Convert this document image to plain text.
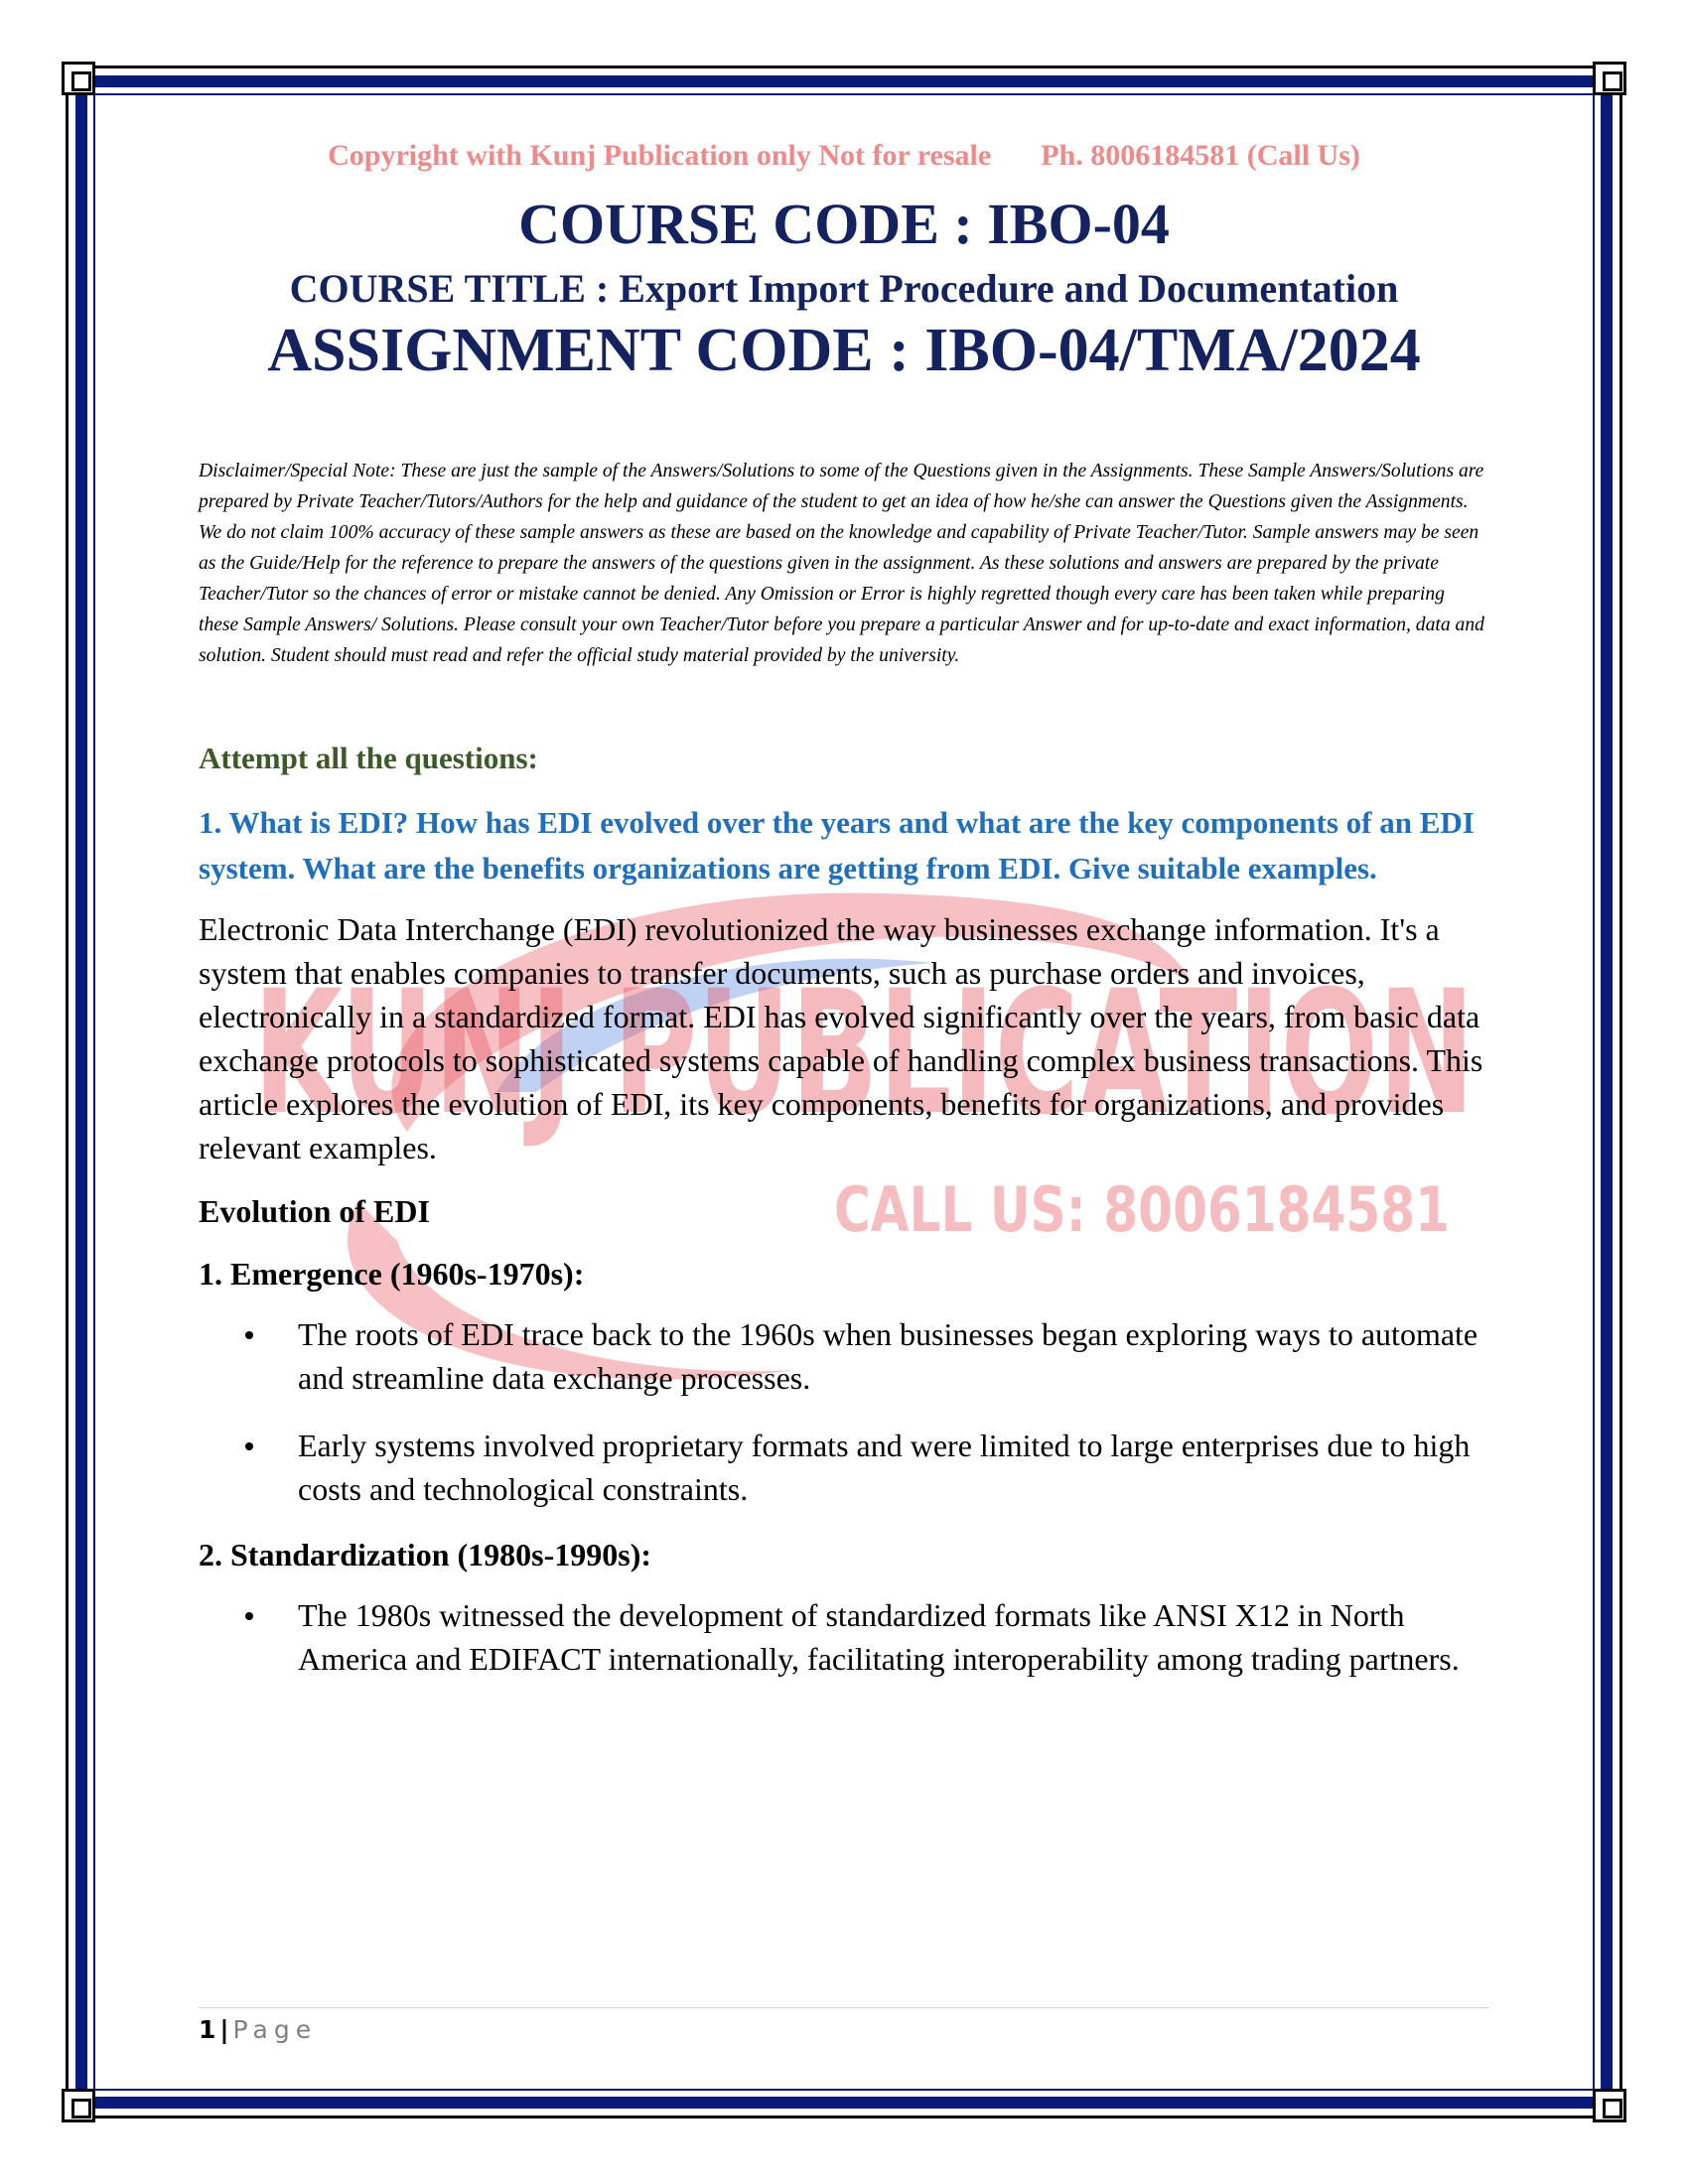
KUNJ PUBLICATION
CALL US: 8006184581

Copyright with Kunj Publication only Not for resale Ph. 8006184581 (Call Us)

COURSE CODE : IBO-04
COURSE TITLE : Export Import Procedure and Documentation
ASSIGNMENT CODE : IBO-04/TMA/2024

Disclaimer/Special Note: These are just the sample of the Answers/Solutions to some of the Questions given in the Assignments. These Sample Answers/Solutions are prepared by Private Teacher/Tutors/Authors for the help and guidance of the student to get an idea of how he/she can answer the Questions given the Assignments. We do not claim 100% accuracy of these sample answers as these are based on the knowledge and capability of Private Teacher/Tutor. Sample answers may be seen as the Guide/Help for the reference to prepare the answers of the questions given in the assignment. As these solutions and answers are prepared by the private Teacher/Tutor so the chances of error or mistake cannot be denied. Any Omission or Error is highly regretted though every care has been taken while preparing these Sample Answers/ Solutions. Please consult your own Teacher/Tutor before you prepare a particular Answer and for up-to-date and exact information, data and solution. Student should must read and refer the official study material provided by the university.

Attempt all the questions:

1. What is EDI? How has EDI evolved over the years and what are the key components of an EDI system. What are the benefits organizations are getting from EDI. Give suitable examples.

Electronic Data Interchange (EDI) revolutionized the way businesses exchange information. It's a system that enables companies to transfer documents, such as purchase orders and invoices, electronically in a standardized format. EDI has evolved significantly over the years, from basic data exchange protocols to sophisticated systems capable of handling complex business transactions. This article explores the evolution of EDI, its key components, benefits for organizations, and provides relevant examples.

Evolution of EDI

1. Emergence (1960s-1970s):

The roots of EDI trace back to the 1960s when businesses began exploring ways to automate and streamline data exchange processes.
Early systems involved proprietary formats and were limited to large enterprises due to high costs and technological constraints.

2. Standardization (1980s-1990s):

The 1980s witnessed the development of standardized formats like ANSI X12 in North America and EDIFACT internationally, facilitating interoperability among trading partners.
1 | Page
